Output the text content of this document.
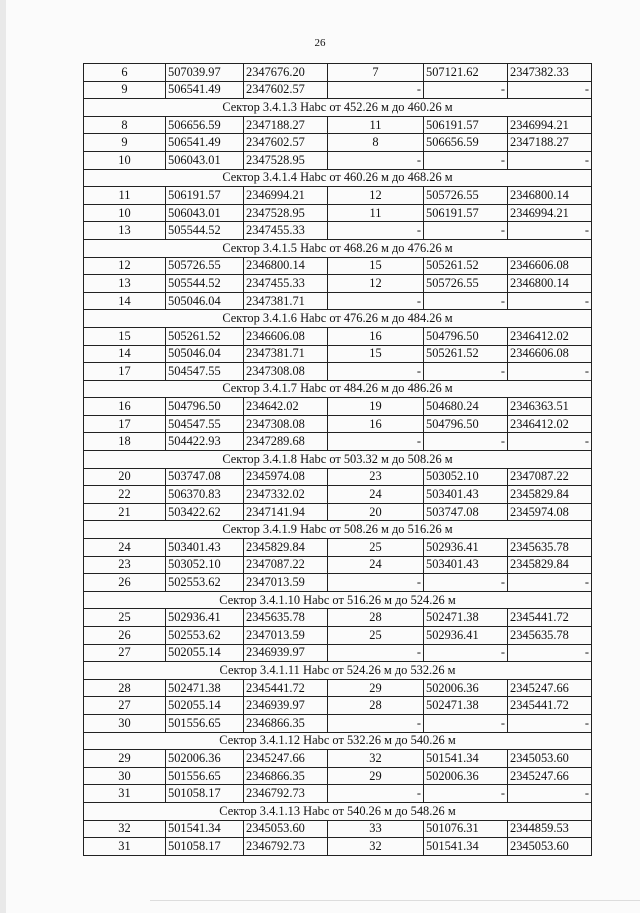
26
6	507039.97	2347676.20	7	507121.62	2347382.33
9	506541.49	2347602.57	-	-	-
Сектор 3.4.1.3 Нabc от 452.26 м до 460.26 м					
8	506656.59	2347188.27	11	506191.57	2346994.21
9	506541.49	2347602.57	8	506656.59	2347188.27
10	506043.01	2347528.95	-	-	-
Сектор 3.4.1.4 Нabc от 460.26 м до 468.26 м					
11	506191.57	2346994.21	12	505726.55	2346800.14
10	506043.01	2347528.95	11	506191.57	2346994.21
13	505544.52	2347455.33	-	-	-
Сектор 3.4.1.5 Нabc от 468.26 м до 476.26 м					
12	505726.55	2346800.14	15	505261.52	2346606.08
13	505544.52	2347455.33	12	505726.55	2346800.14
14	505046.04	2347381.71	-	-	-
Сектор 3.4.1.6 Нabc от 476.26 м до 484.26 м					
15	505261.52	2346606.08	16	504796.50	2346412.02
14	505046.04	2347381.71	15	505261.52	2346606.08
17	504547.55	2347308.08	-	-	-
Сектор 3.4.1.7 Нabc от 484.26 м до 486.26 м					
16	504796.50	234642.02	19	504680.24	2346363.51
17	504547.55	2347308.08	16	504796.50	2346412.02
18	504422.93	2347289.68	-	-	-
Сектор 3.4.1.8 Нabc от 503.32 м до 508.26 м					
20	503747.08	2345974.08	23	503052.10	2347087.22
22	506370.83	2347332.02	24	503401.43	2345829.84
21	503422.62	2347141.94	20	503747.08	2345974.08
Сектор 3.4.1.9 Нabc от 508.26 м до 516.26 м					
24	503401.43	2345829.84	25	502936.41	2345635.78
23	503052.10	2347087.22	24	503401.43	2345829.84
26	502553.62	2347013.59	-	-	-
Сектор 3.4.1.10 Нabc от 516.26 м до 524.26 м					
25	502936.41	2345635.78	28	502471.38	2345441.72
26	502553.62	2347013.59	25	502936.41	2345635.78
27	502055.14	2346939.97	-	-	-
Сектор 3.4.1.11 Нabc от 524.26 м до 532.26 м					
28	502471.38	2345441.72	29	502006.36	2345247.66
27	502055.14	2346939.97	28	502471.38	2345441.72
30	501556.65	2346866.35	-	-	-
Сектор 3.4.1.12 Нabc от 532.26 м до 540.26 м					
29	502006.36	2345247.66	32	501541.34	2345053.60
30	501556.65	2346866.35	29	502006.36	2345247.66
31	501058.17	2346792.73	-	-	-
Сектор 3.4.1.13 Нabc от 540.26 м до 548.26 м					
32	501541.34	2345053.60	33	501076.31	2344859.53
31	501058.17	2346792.73	32	501541.34	2345053.60
